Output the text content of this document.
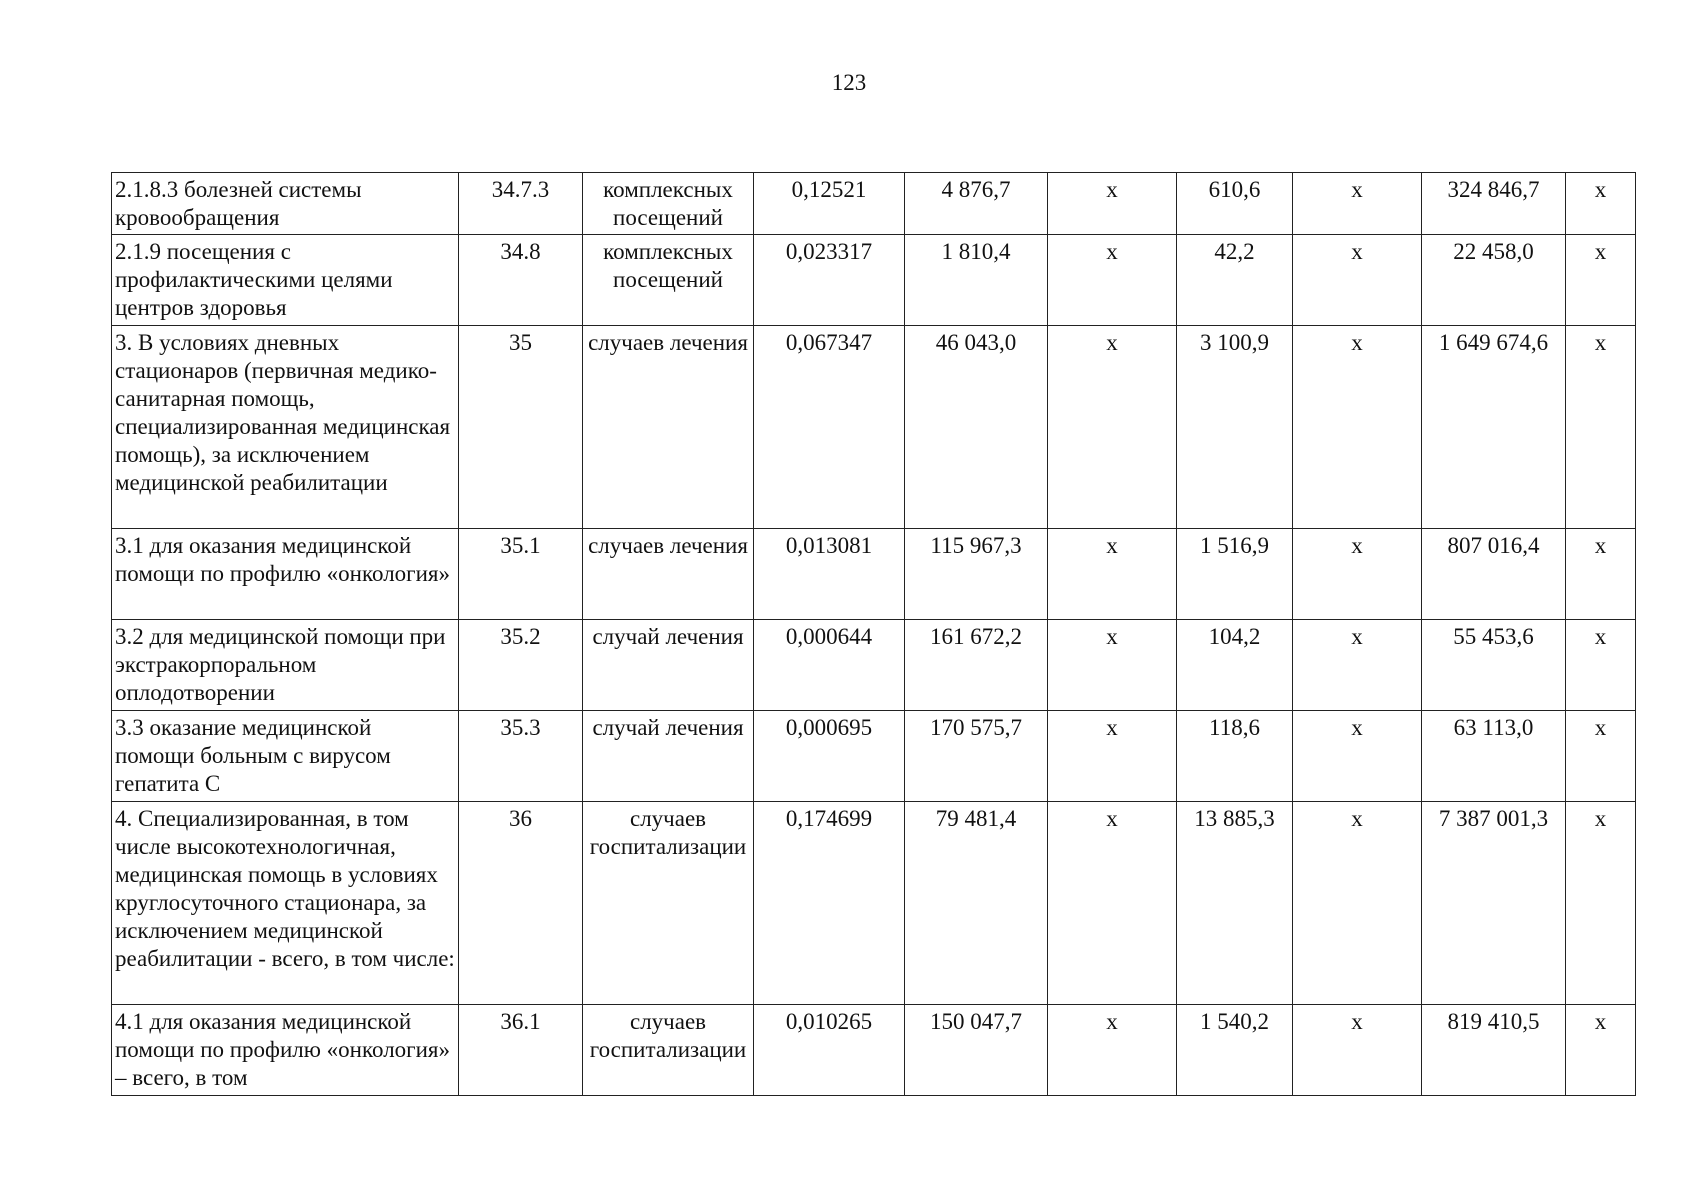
123
2.1.8.3 болезней системы кровообращения	34.7.3	комплексных посещений	0,12521	4 876,7	х	610,6	х	324 846,7	х
2.1.9 посещения с профилактическими целями центров здоровья	34.8	комплексных посещений	0,023317	1 810,4	х	42,2	х	22 458,0	х
3. В условиях дневных стационаров (первичная медико-санитарная помощь, специализированная медицинская помощь), за исключением медицинской реабилитации	35	случаев лечения	0,067347	46 043,0	х	3 100,9	х	1 649 674,6	х
3.1 для оказания медицинской помощи по профилю «онкология»	35.1	случаев лечения	0,013081	115 967,3	х	1 516,9	х	807 016,4	х
3.2 для медицинской помощи при экстракорпоральном оплодотворении	35.2	случай лечения	0,000644	161 672,2	х	104,2	х	55 453,6	х
3.3 оказание медицинской помощи больным с вирусом гепатита С	35.3	случай лечения	0,000695	170 575,7	х	118,6	х	63 113,0	х
4. Специализированная, в том числе высокотехнологичная, медицинская помощь в условиях круглосуточного стационара, за исключением медицинской реабилитации - всего, в том числе:	36	случаев госпитализации	0,174699	79 481,4	х	13 885,3	х	7 387 001,3	х
4.1 для оказания медицинской помощи по профилю «онкология» – всего, в том	36.1	случаев госпитализации	0,010265	150 047,7	х	1 540,2	х	819 410,5	х
